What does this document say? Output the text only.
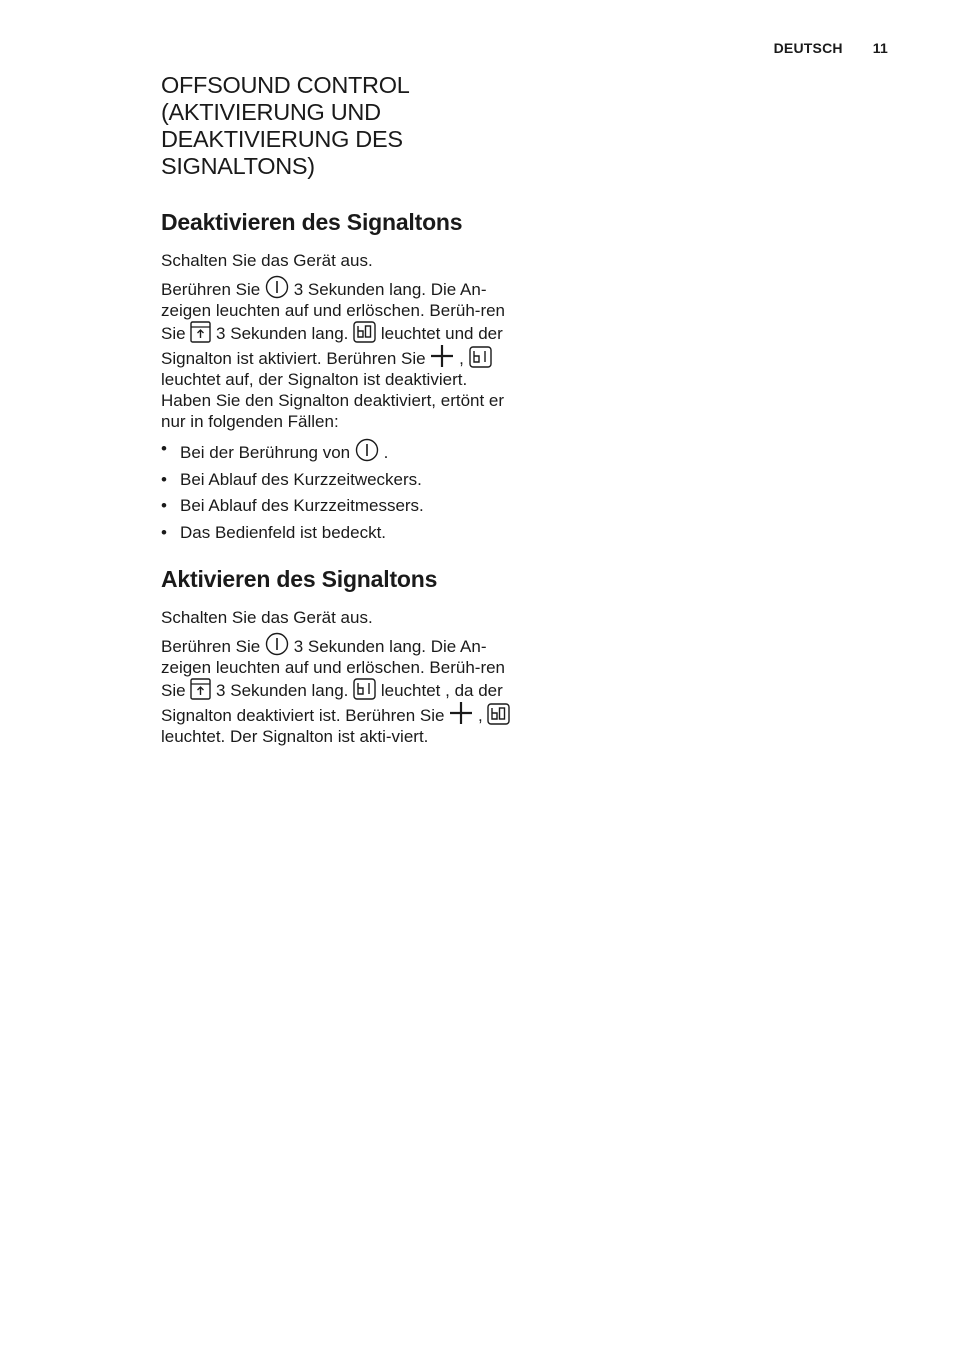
DEUTSCH 11
OFFSOUND CONTROL
(AKTIVIERUNG UND
DEAKTIVIERUNG DES
SIGNALTONS)
Deaktivieren des Signaltons

Schalten Sie das Gerät aus.

Berühren Sie 3 Sekunden lang. Die An-zeigen leuchten auf und erlöschen. Berüh-ren Sie 3 Sekunden lang. leuchtet und der Signalton ist aktiviert. Berühren Sie ,
leuchtet auf, der Signalton ist deaktiviert.

Haben Sie den Signalton deaktiviert, ertönt er nur in folgenden Fällen:

• Bei der Berührung von .
• Bei Ablauf des Kurzzeitweckers.
• Bei Ablauf des Kurzzeitmessers.
• Das Bedienfeld ist bedeckt.
Aktivieren des Signaltons

Schalten Sie das Gerät aus.

Berühren Sie 3 Sekunden lang. Die An-zeigen leuchten auf und erlöschen. Berüh-ren Sie 3 Sekunden lang. leuchtet , da der Signalton deaktiviert ist. Berühren Sie ,
leuchtet. Der Signalton ist akti-viert.
